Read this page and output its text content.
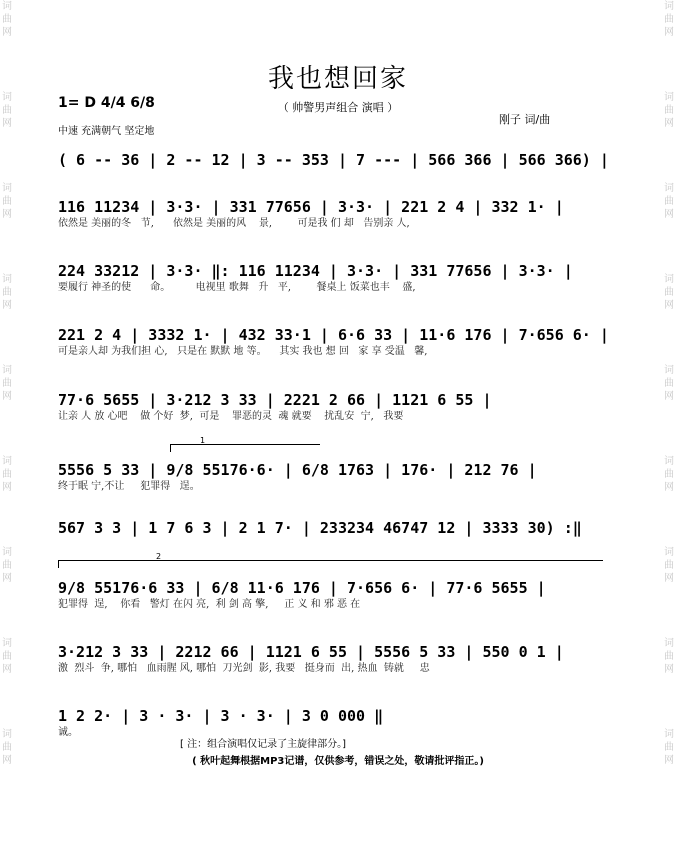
词曲网

词曲网

词曲网

词曲网

词曲网

词曲网

词曲网

词曲网

词曲网
词曲网

词曲网

词曲网

词曲网

词曲网

词曲网

词曲网

词曲网

词曲网
我也想回家
（ 帅警男声组合 演唱 ）
1= D 4/4 6/8
中速 充满朝气 坚定地
刚子 词/曲
( 6 -- 36 | 2 -- 12 | 3 -- 353 | 7 --- | 566 366 | 566 366) |
116 11234 | 3·3· | 331 77656 | 3·3· | 221 2 4 | 332 1· |
依然是 美丽的冬   节,      依然是 美丽的风    景,        可是我 们 却   告别亲 人,
224 33212 | 3·3· ‖: 116 11234 | 3·3· | 331 77656 | 3·3· |
要履行 神圣的使      命。        电视里 歌舞   升   平,        餐桌上 饭菜也丰    盛,
221 2 4 | 3332 1· | 432 33·1 | 6·6 33 | 11·6 176 | 7·656 6· |
可是亲人却 为我们担 心,   只是在 默默 地 等。    其实 我也 想 回   家 享 受温   馨,
77·6 5655 | 3·212 3 33 | 2221 2 66 | 1121 6 55 |
让亲 人 放 心吧    做 个好  梦,  可是    罪恶的灵  魂 就要    扰乱安  宁,   我要
1
5556 5 33 | 9/8 55176·6· | 6/8 1763 | 176· | 212 76 |
终于眠 宁,不让     犯罪得   逞。
567 3 3 | 1 7 6 3 | 2 1 7· | 233234 46747 12 | 3333 30) :‖
2
9/8 55176·6 33 | 6/8 11·6 176 | 7·656 6· | 77·6 5655 |
犯罪得  逞,    你看   警灯 在闪 亮,  利 剑 高 擎,     正 义 和 邪 恶 在
3·212 3 33 | 2212 66 | 1121 6 55 | 5556 5 33 | 550 0 1 |
激  烈斗  争, 哪怕   血雨腥 风, 哪怕  刀光剑  影, 我要   挺身而  出, 热血  铸就     忠
1 2 2· | 3 · 3· | 3 · 3· | 3 0 000 ‖
诚。
[ 注：组合演唱仅记录了主旋律部分。]
( 秋叶起舞根据MP3记谱，仅供参考，错误之处，敬请批评指正。)
